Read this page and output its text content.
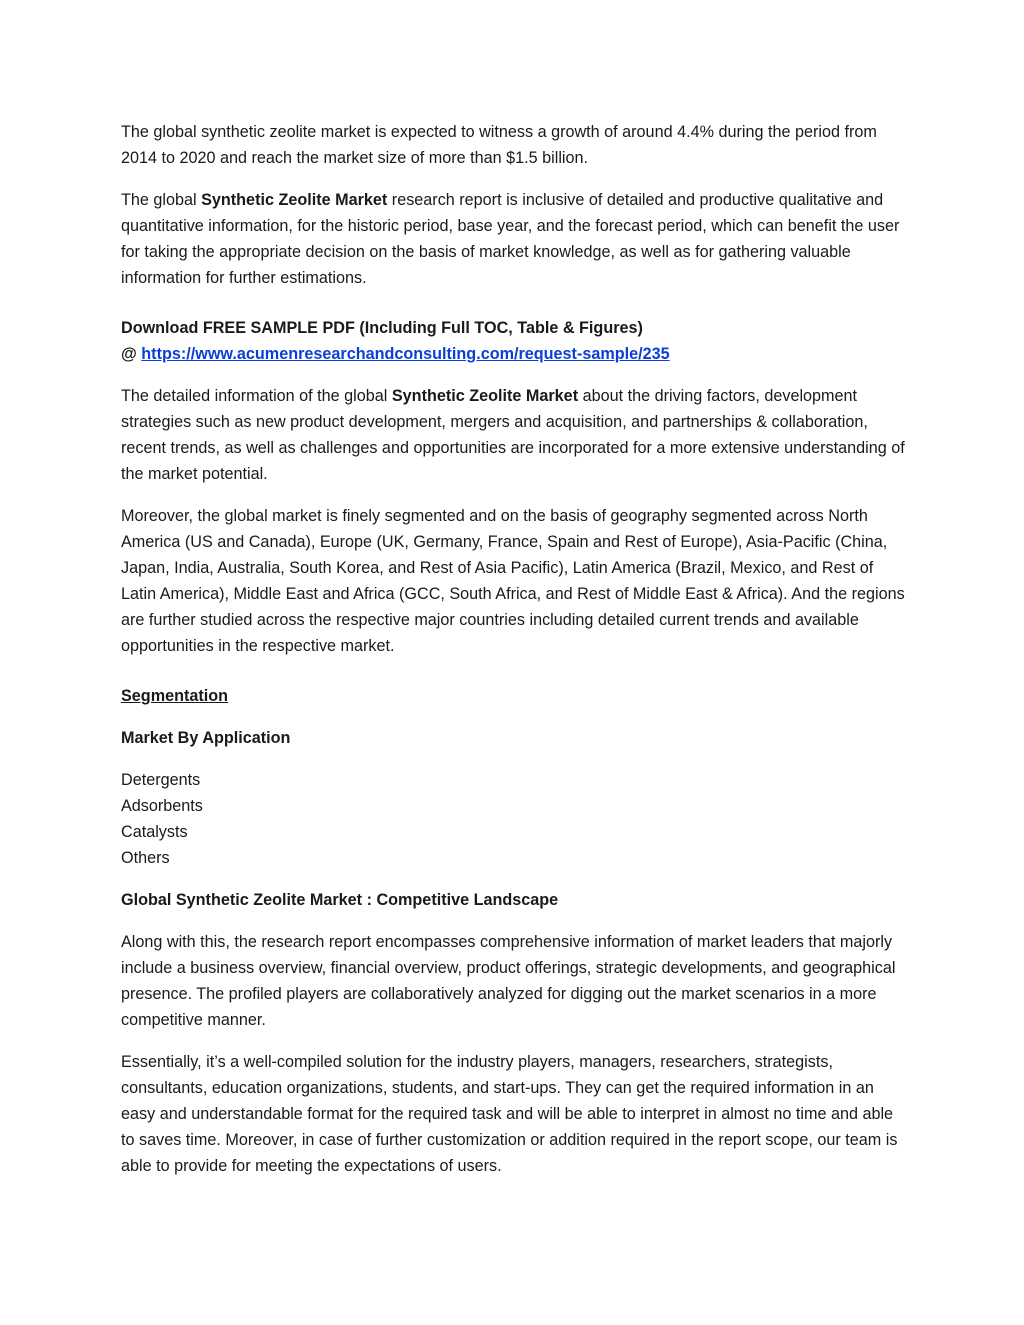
The global synthetic zeolite market is expected to witness a growth of around 4.4% during the period from 2014 to 2020 and reach the market size of more than $1.5 billion.

The global Synthetic Zeolite Market research report is inclusive of detailed and productive qualitative and quantitative information, for the historic period, base year, and the forecast period, which can benefit the user for taking the appropriate decision on the basis of market knowledge, as well as for gathering valuable information for further estimations.

Download FREE SAMPLE PDF (Including Full TOC, Table & Figures)
@ https://www.acumenresearchandconsulting.com/request-sample/235

The detailed information of the global Synthetic Zeolite Market about the driving factors, development strategies such as new product development, mergers and acquisition, and partnerships & collaboration, recent trends, as well as challenges and opportunities are incorporated for a more extensive understanding of the market potential.

Moreover, the global market is finely segmented and on the basis of geography segmented across North America (US and Canada), Europe (UK, Germany, France, Spain and Rest of Europe), Asia-Pacific (China, Japan, India, Australia, South Korea, and Rest of Asia Pacific), Latin America (Brazil, Mexico, and Rest of Latin America), Middle East and Africa (GCC, South Africa, and Rest of Middle East & Africa). And the regions are further studied across the respective major countries including detailed current trends and available opportunities in the respective market.

Segmentation

Market By Application

Detergents
Adsorbents
Catalysts
Others

Global Synthetic Zeolite Market : Competitive Landscape

Along with this, the research report encompasses comprehensive information of market leaders that majorly include a business overview, financial overview, product offerings, strategic developments, and geographical presence. The profiled players are collaboratively analyzed for digging out the market scenarios in a more competitive manner.

Essentially, it’s a well-compiled solution for the industry players, managers, researchers, strategists, consultants, education organizations, students, and start-ups. They can get the required information in an easy and understandable format for the required task and will be able to interpret in almost no time and able to saves time. Moreover, in case of further customization or addition required in the report scope, our team is able to provide for meeting the expectations of users.
